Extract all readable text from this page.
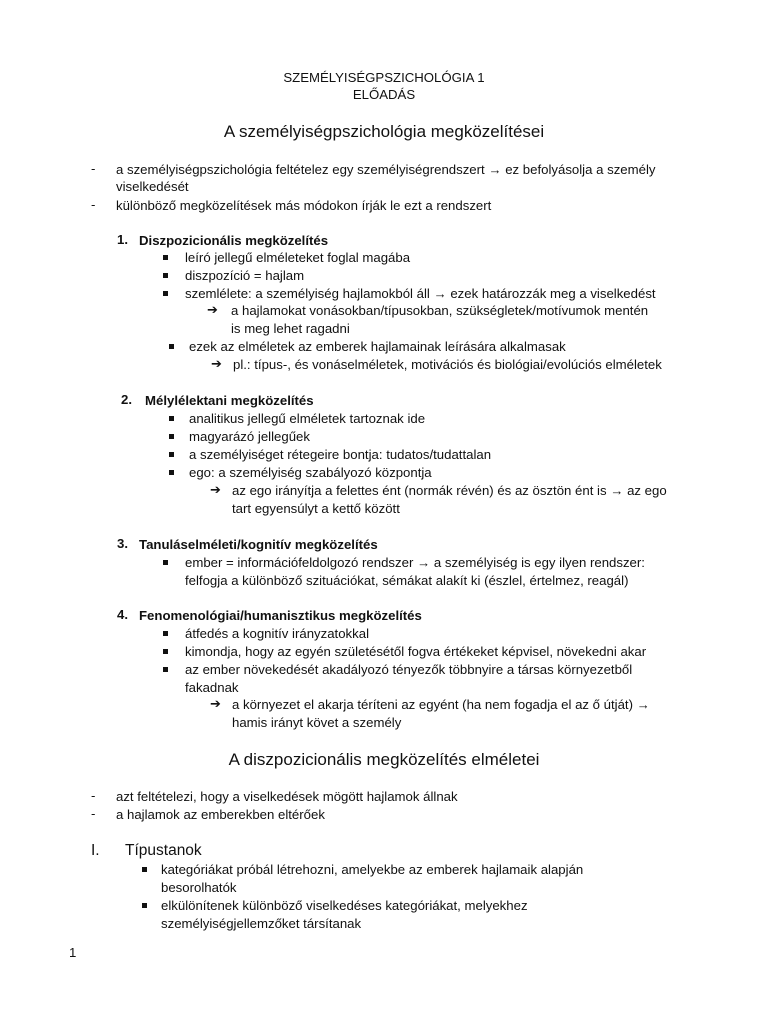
SZEMÉLYISÉGPSZICHOLÓGIA 1
ELŐADÁS
A személyiségpszichológia megközelítései
-	a személyiségpszichológia feltételez egy személyiségrendszert → ez befolyásolja a személy
viselkedését
-	különböző megközelítések más módokon írják le ezt a rendszert
1. Diszpozicionális megközelítés
leíró jellegű elméleteket foglal magába
diszpozíció = hajlam
szemlélete: a személyiség hajlamokból áll → ezek határozzák meg a viselkedést
➔ a hajlamokat vonásokban/típusokban, szükségletek/motívumok mentén
is meg lehet ragadni
ezek az elméletek az emberek hajlamainak leírására alkalmasak
➔ pl.: típus-, és vonáselméletek, motivációs és biológiai/evolúciós elméletek
2. Mélylélektani megközelítés
analitikus jellegű elméletek tartoznak ide
magyarázó jellegűek
a személyiséget rétegeire bontja: tudatos/tudattalan
ego: a személyiség szabályozó központja
➔ az ego irányítja a felettes ént (normák révén) és az ösztön ént is → az ego
tart egyensúlyt a kettő között
3. Tanuláselméleti/kognitív megközelítés
ember = információfeldolgozó rendszer → a személyiség is egy ilyen rendszer:
felfogja a különböző szituációkat, sémákat alakít ki (észlel, értelmez, reagál)
4. Fenomenológiai/humanisztikus megközelítés
átfedés a kognitív irányzatokkal
kimondja, hogy az egyén születésétől fogva értékeket képvisel, növekedni akar
az ember növekedését akadályozó tényezők többnyire a társas környezetből
fakadnak
➔ a környezet el akarja téríteni az egyént (ha nem fogadja el az ő útját) →
hamis irányt követ a személy
A diszpozicionális megközelítés elméletei
-	azt feltételezi, hogy a viselkedések mögött hajlamok állnak
-	a hajlamok az emberekben eltérőek
I. Típustanok
kategóriákat próbál létrehozni, amelyekbe az emberek hajlamaik alapján
besorolhatók
elkülönítenek különböző viselkedéses kategóriákat, melyekhez
személyiségjellemzőket társítanak
1
